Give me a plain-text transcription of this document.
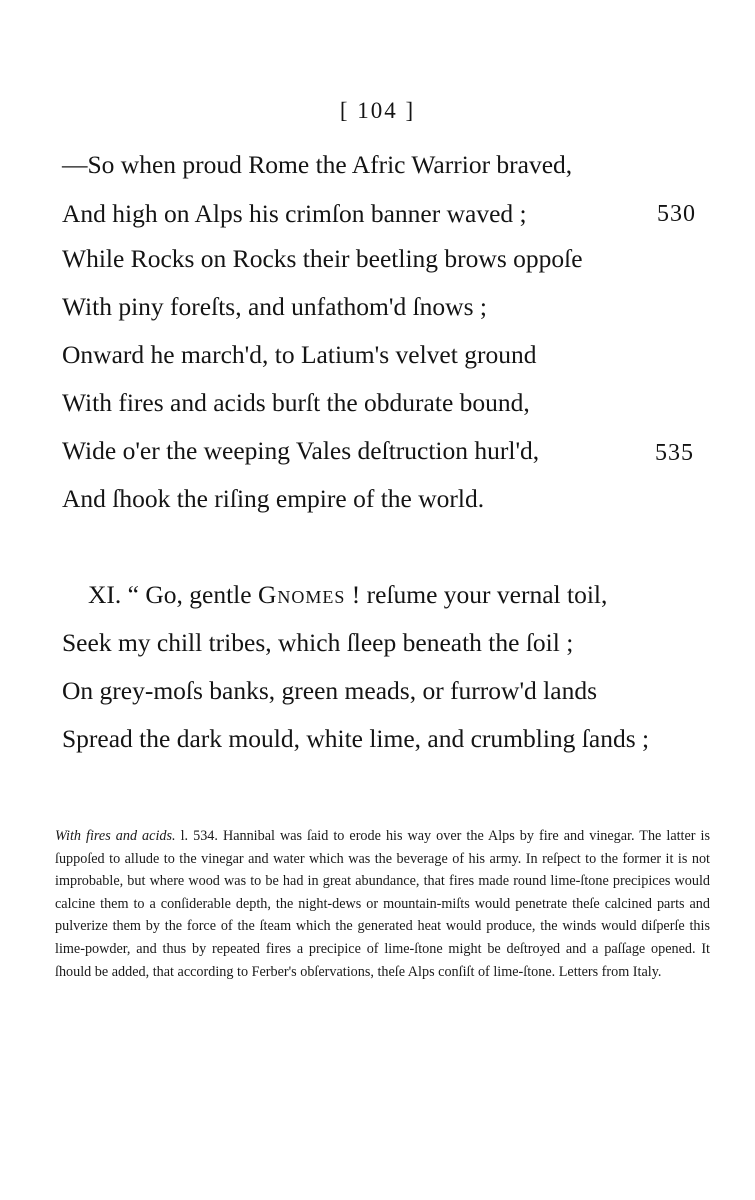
[ 104 ]
—So when proud Rome the Afric Warrior braved,
And high on Alps his crimſon banner waved ;	530
While Rocks on Rocks their beetling brows oppoſe
With piny foreſts, and unfathom'd ſnows ;
Onward he march'd, to Latium's velvet ground
With fires and acids burſt the obdurate bound,
Wide o'er the weeping Vales deſtruction hurl'd,	535
And ſhook the riſing empire of the world.
XI. “ Go, gentle Gnomes ! reſume your vernal toil,
Seek my chill tribes, which ſleep beneath the ſoil ;
On grey-moſs banks, green meads, or furrow'd lands
Spread the dark mould, white lime, and crumbling ſands ;
With fires and acids. l. 534. Hannibal was ſaid to erode his way over the Alps by fire and vinegar. The latter is ſuppoſed to allude to the vinegar and water which was the beverage of his army. In reſpect to the former it is not improbable, but where wood was to be had in great abundance, that fires made round lime-ſtone precipices would calcine them to a conſiderable depth, the night-dews or mountain-miſts would penetrate theſe calcined parts and pulverize them by the force of the ſteam which the generated heat would produce, the winds would diſperſe this lime-powder, and thus by repeated fires a precipice of lime-ſtone might be deſtroyed and a paſſage opened. It ſhould be added, that according to Ferber's obſervations, theſe Alps conſiſt of lime-ſtone. Letters from Italy.
